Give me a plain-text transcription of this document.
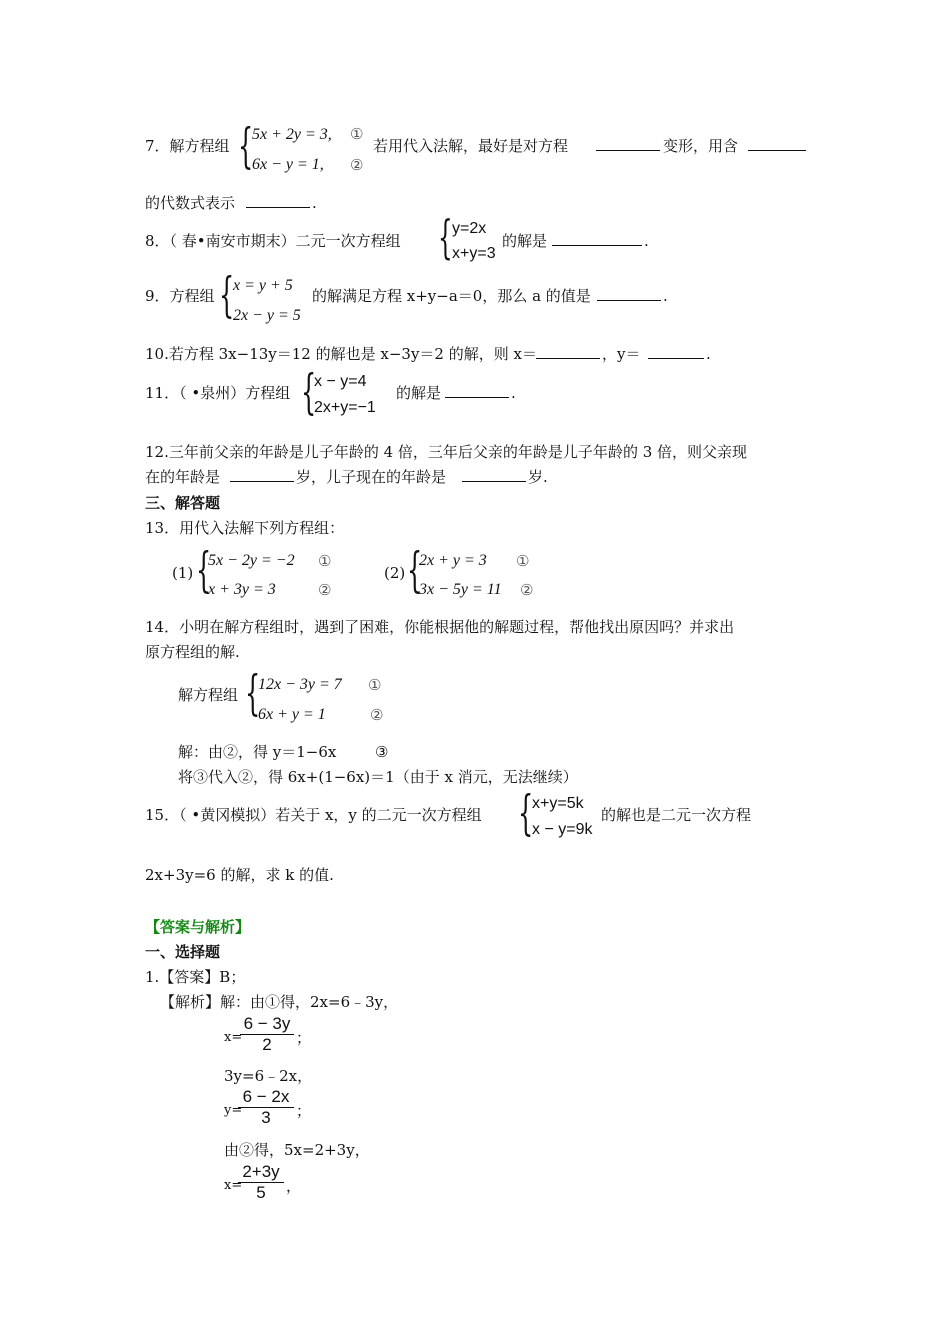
7．解方程组 {
5x + 2y = 3, ①
6x − y = 1, ②
若用代入法解，最好是对方程	变形，用含
的代数式表示	.
8．（ 春•南安市期末）二元一次方程组 { y=2x
x+y=3
的解是	.
9．方程组 {
x = y + 5
2x − y = 5
的解满足方程 x+y−a＝0，那么 a 的值是	.
10.若方程 3x−13y＝12 的解也是 x−3y＝2 的解，则 x＝	，y＝	.
11．（ •泉州）方程组 {
x − y=4
2x+y=−1
的解是	.
12.三年前父亲的年龄是儿子年龄的 4 倍，三年后父亲的年龄是儿子年龄的 3 倍，则父亲现
在的年龄是	岁，儿子现在的年龄是	岁.
三、解答题
13．用代入法解下列方程组：
(1) {
5x − 2y = −2 ①
x + 3y = 3	②
(2) {
2x + y = 3 ①
3x − 5y = 11 ②
14．小明在解方程组时，遇到了困难，你能根据他的解题过程，帮他找出原因吗？并求出
原方程组的解.
解方程组 {
12x − 3y = 7 ①
6x + y = 1	②
解：由②，得 y＝1−6x	③
将③代入②，得 6x+(1−6x)＝1（由于 x 消元，无法继续）
15．（ •黄冈模拟）若关于 x，y 的二元一次方程组 {
x+y=5k
x − y=9k
的解也是二元一次方程
2x+3y=6 的解，求 k 的值.
【答案与解析】
一、选择题
1.【答案】B；
【解析】解：由①得，2x=6﹣3y，
x=
$\frac{6 - 3y}{2}$ ；
3y=6﹣2x，
y=
$\frac{6 - 2x}{3}$ ；
由②得，5x=2+3y，
x=
$\frac{2+3y}{5}$ ，
